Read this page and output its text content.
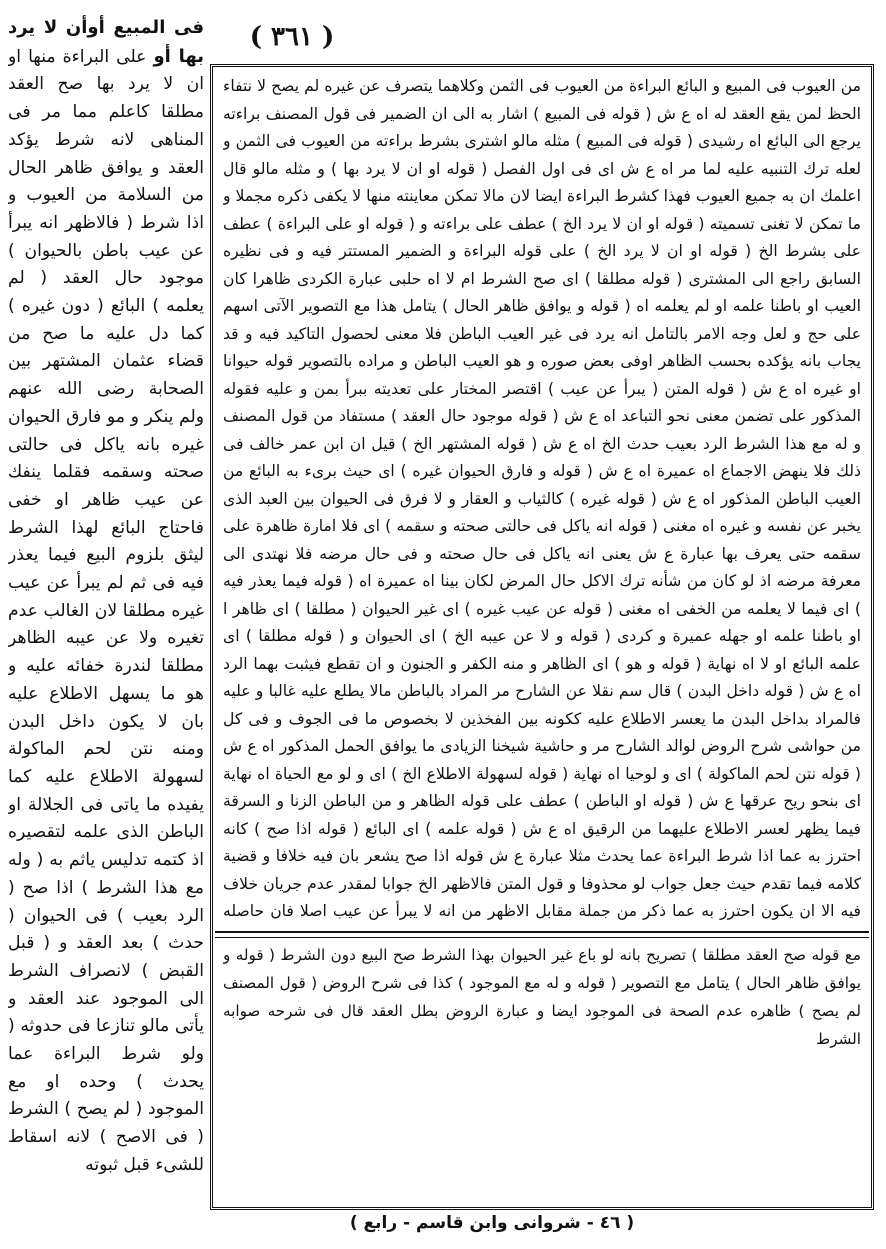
( ٣٦١ )
فى المبيع أوأن لا يرد بها أو على البراءة منها او ان لا يرد بها صح العقد مطلقا كاعلم مما مر فى المناهى لانه شرط يؤكد العقد و يوافق ظاهر الحال من السلامة من العيوب و اذا شرط ( فالاظهر انه يبرأ عن عيب باطن بالحيوان ) موجود حال العقد ( لم يعلمه ) البائع ( دون غيره ) كما دل عليه ما صح من قضاء عثمان المشتهر بين الصحابة رضى الله عنهم ولم ينكر و مو فارق الحيوان غيره بانه ياكل فى حالتى صحته وسقمه فقلما ينفك عن عيب ظاهر او خفى فاحتاج البائع لهذا الشرط ليثق بلزوم البيع فيما يعذر فيه فى ثم لم يبرأ عن عيب غيره مطلقا لان الغالب عدم تغيره ولا عن عيبه الظاهر مطلقا لندرة خفائه عليه و هو ما يسهل الاطلاع عليه بان لا يكون داخل البدن ومنه نتن لحم الماكولة لسهولة الاطلاع عليه كما يفيده ما ياتى فى الجلالة او الباطن الذى علمه لتقصيره اذ كتمه تدليس ياثم به ( وله مع هذا الشرط ) اذا صح ( الرد بعيب ) فى الحيوان ( حدث ) بعد العقد و ( قبل القبض ) لانصراف الشرط الى الموجود عند العقد و يأتى مالو تنازعا فى حدوثه ( ولو شرط البراءة عما يحدث ) وحده او مع الموجود ( لم يصح ) الشرط ( فى الاصح ) لانه اسقاط للشىء قبل ثبوته
من العيوب فى المبيع و البائع البراءة من العيوب فى الثمن وكلاهما يتصرف عن غيره لم يصح لا نتفاء الحظ لمن يقع العقد له اه ع ش ( قوله فى المبيع ) اشار به الى ان الضمير فى قول المصنف براءته يرجع الى البائع اه رشيدى ( قوله فى المبيع ) مثله مالو اشترى بشرط براءته من العيوب فى الثمن و لعله ترك التنبيه عليه لما مر اه ع ش اى فى اول الفصل ( قوله او ان لا يرد بها ) و مثله مالو قال اعلمك ان به جميع العيوب فهذا كشرط البراءة ايضا لان مالا تمكن معاينته منها لا يكفى ذكره مجملا و ما تمكن لا تغنى تسميته ( قوله او ان لا يرد الخ ) عطف على براءته و ( قوله او على البراءة ) عطف على بشرط الخ ( قوله او ان لا يرد الخ ) على قوله البراءة و الضمير المستتر فيه و فى نظيره السابق راجع الى المشترى ( قوله مطلقا ) اى صح الشرط ام لا اه حلبى عبارة الكردى ظاهرا كان العيب او باطنا علمه او لم يعلمه اه ( قوله و يوافق ظاهر الحال ) يتامل هذا مع التصوير الآتى اسهم على حج و لعل وجه الامر بالتامل انه يرد فى غير العيب الباطن فلا معنى لحصول التاكيد فيه و قد يجاب بانه يؤكده بحسب الظاهر اوفى بعض صوره و هو العيب الباطن و مراده بالتصوير قوله حيوانا او غيره اه ع ش ( قوله المتن ( يبرأ عن عيب ) اقتصر المختار على تعديته ببرأ بمن و عليه فقوله المذكور على تضمن معنى نحو التباعد اه ع ش ( قوله موجود حال العقد ) مستفاد من قول المصنف و له مع هذا الشرط الرد بعيب حدث الخ اه ع ش ( قوله المشتهر الخ ) قيل ان ابن عمر خالف فى ذلك فلا ينهض الاجماع اه عميرة اه ع ش ( قوله و فارق الحيوان غيره ) اى حيث برىء به البائع من العيب الباطن المذكور اه ع ش ( قوله غيره ) كالثياب و العقار و لا فرق فى الحيوان بين العبد الذى يخبر عن نفسه و غيره اه مغنى ( قوله انه ياكل فى حالتى صحته و سقمه ) اى فلا امارة ظاهرة على سقمه حتى يعرف بها عبارة ع ش يعنى انه ياكل فى حال صحته و فى حال مرضه فلا نهتدى الى معرفة مرضه اذ لو كان من شأنه ترك الاكل حال المرض لكان بينا اه عميرة اه ( قوله فيما يعذر فيه ) اى فيما لا يعلمه من الخفى اه مغنى ( قوله عن عيب غيره ) اى غير الحيوان ( مطلقا ) اى ظاهر ا او باطنا علمه او جهله عميرة و كردى ( قوله و لا عن عيبه الخ ) اى الحيوان و ( قوله مطلقا ) اى علمه البائع او لا اه نهاية ( قوله و هو ) اى الظاهر و منه الكفر و الجنون و ان تقطع فيثبت بهما الرد اه ع ش ( قوله داخل البدن ) قال سم نقلا عن الشارح مر المراد بالباطن مالا يطلع عليه غالبا و عليه فالمراد بداخل البدن ما يعسر الاطلاع عليه ككونه بين الفخذين لا بخصوص ما فى الجوف و فى كل من حواشى شرح الروض لوالد الشارح مر و حاشية شيخنا الزيادى ما يوافق الحمل المذكور اه ع ش ( قوله نتن لحم الماكولة ) اى و لوحيا اه نهاية ( قوله لسهولة الاطلاع الخ ) اى و لو مع الحياة اه نهاية اى بنحو ريح عرقها ع ش ( قوله او الباطن ) عطف على قوله الظاهر و من الباطن الزنا و السرقة فيما يظهر لعسر الاطلاع عليهما من الرقيق اه ع ش ( قوله علمه ) اى البائع ( قوله اذا صح ) كانه احترز به عما اذا شرط البراءة عما يحدث مثلا عبارة ع ش قوله اذا صح يشعر بان فيه خلافا و قضية كلامه فيما تقدم حيث جعل جواب لو محذوفا و قول المتن فالاظهر الخ جوابا لمقدر عدم جريان خلاف فيه الا ان يكون احترز به عما ذكر من جملة مقابل الاظهر من انه لا يبرأ عن عيب اصلا فان حاصله
مع قوله صح العقد مطلقا ) تصريح بانه لو باع غير الحيوان بهذا الشرط صح البيع دون الشرط ( قوله و يوافق ظاهر الحال ) يتامل مع التصوير ( قوله و له مع الموجود ) كذا فى شرح الروض ( قول المصنف لم يصح ) ظاهره عدم الصحة فى الموجود ايضا و عبارة الروض بطل العقد قال فى شرحه صوابه الشرط
( ٤٦ - شروانى وابن قاسم - رابع )
